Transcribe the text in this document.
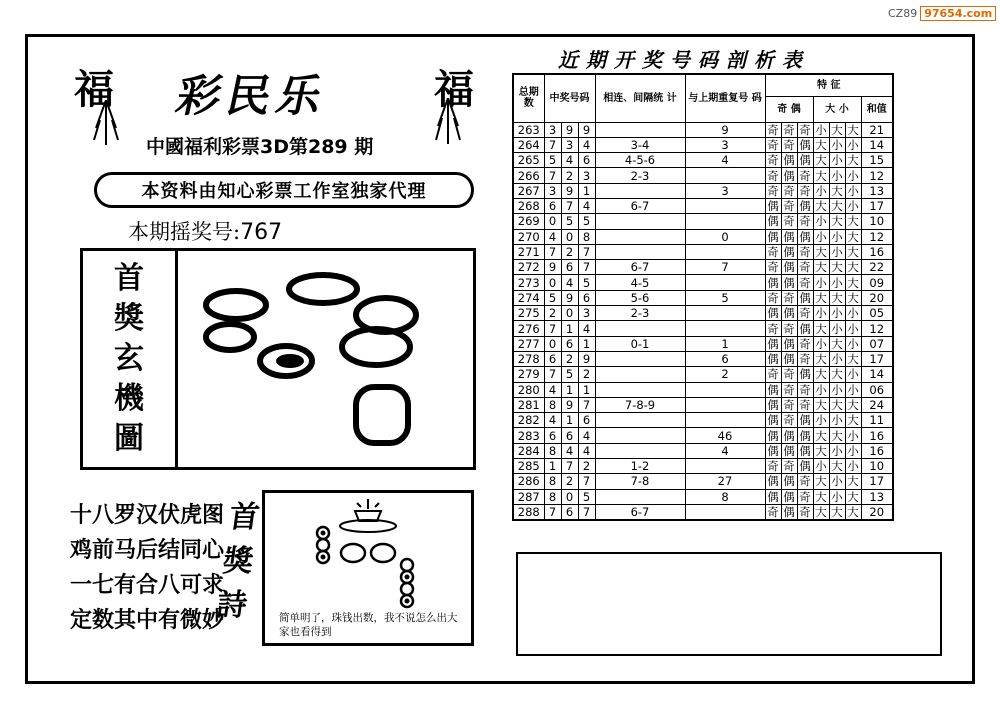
CZ89 97654.com
福	福
彩民乐
中國福利彩票3D第289 期
本资料由知心彩票工作室独家代理
本期摇奖号:767
首
獎
玄
機
圖
十八罗汉伏虎图
鸡前马后结同心
一七有合八可求
定数其中有微妙
首
獎
詩	简单明了，珠钱出数，我不说怎么出大家也看得到
近期开奖号码剖析表
总期数	中奖号码			相连、间隔统 计	与上期重复号 码	特 征						
						奇 偶			大 小			和值
263	3	9	9		9	奇	奇	奇	小	大	大	21
264	7	3	4	3-4	3	奇	奇	偶	大	小	小	14
265	5	4	6	4-5-6	4	奇	偶	偶	大	小	大	15
266	7	2	3	2-3		奇	偶	奇	大	小	小	12
267	3	9	1		3	奇	奇	奇	小	大	小	13
268	6	7	4	6-7		偶	奇	偶	大	大	小	17
269	0	5	5			偶	奇	奇	小	大	大	10
270	4	0	8		0	偶	偶	偶	小	小	大	12
271	7	2	7			奇	偶	奇	大	小	大	16
272	9	6	7	6-7	7	奇	偶	奇	大	大	大	22
273	0	4	5	4-5		偶	偶	奇	小	小	大	09
274	5	9	6	5-6	5	奇	奇	偶	大	大	大	20
275	2	0	3	2-3		偶	偶	奇	小	小	小	05
276	7	1	4			奇	奇	偶	大	小	小	12
277	0	6	1	0-1	1	偶	偶	奇	小	大	小	07
278	6	2	9		6	偶	偶	奇	大	小	大	17
279	7	5	2		2	奇	奇	偶	大	大	小	14
280	4	1	1			偶	奇	奇	小	小	小	06
281	8	9	7	7-8-9		偶	奇	奇	大	大	大	24
282	4	1	6			偶	奇	偶	小	小	大	11
283	6	6	4		46	偶	偶	偶	大	大	小	16
284	8	4	4		4	偶	偶	偶	大	小	小	16
285	1	7	2	1-2		奇	奇	偶	小	大	小	10
286	8	2	7	7-8	27	偶	偶	奇	大	小	大	17
287	8	0	5		8	偶	偶	奇	大	小	大	13
288	7	6	7	6-7		奇	偶	奇	大	大	大	20
